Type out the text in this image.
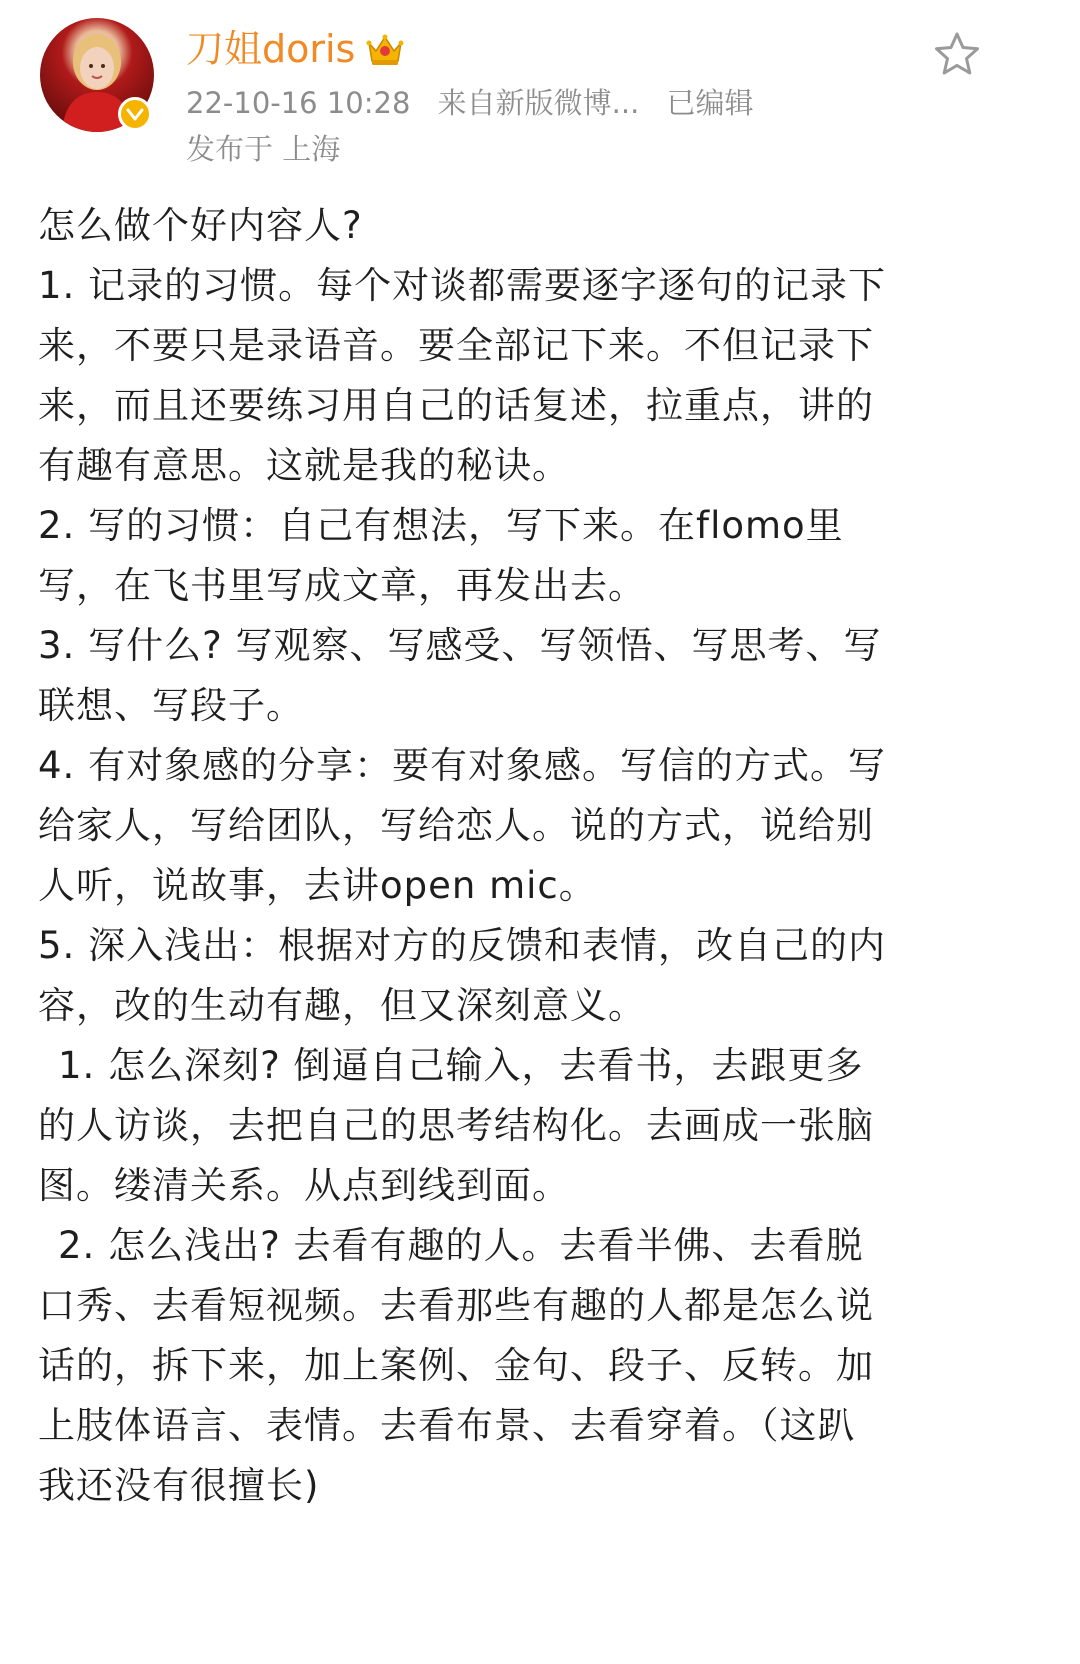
刀姐doris
22-10-16 10:28 来自新版微博... 已编辑
发布于 上海
怎么做个好内容人?
1. 记录的习惯。每个对谈都需要逐字逐句的记录下
来，不要只是录语音。要全部记下来。不但记录下
来，而且还要练习用自己的话复述，拉重点，讲的
有趣有意思。这就是我的秘诀。
2. 写的习惯：自己有想法，写下来。在flomo里
写，在飞书里写成文章，再发出去。
3. 写什么? 写观察、写感受、写领悟、写思考、写
联想、写段子。
4. 有对象感的分享：要有对象感。写信的方式。写
给家人，写给团队，写给恋人。说的方式，说给别
人听，说故事，去讲open mic。
5. 深入浅出：根据对方的反馈和表情，改自己的内
容，改的生动有趣，但又深刻意义。
1. 怎么深刻? 倒逼自己输入，去看书，去跟更多
的人访谈，去把自己的思考结构化。去画成一张脑
图。缕清关系。从点到线到面。
2. 怎么浅出? 去看有趣的人。去看半佛、去看脱
口秀、去看短视频。去看那些有趣的人都是怎么说
话的，拆下来，加上案例、金句、段子、反转。加
上肢体语言、表情。去看布景、去看穿着。（这趴
我还没有很擅长)
